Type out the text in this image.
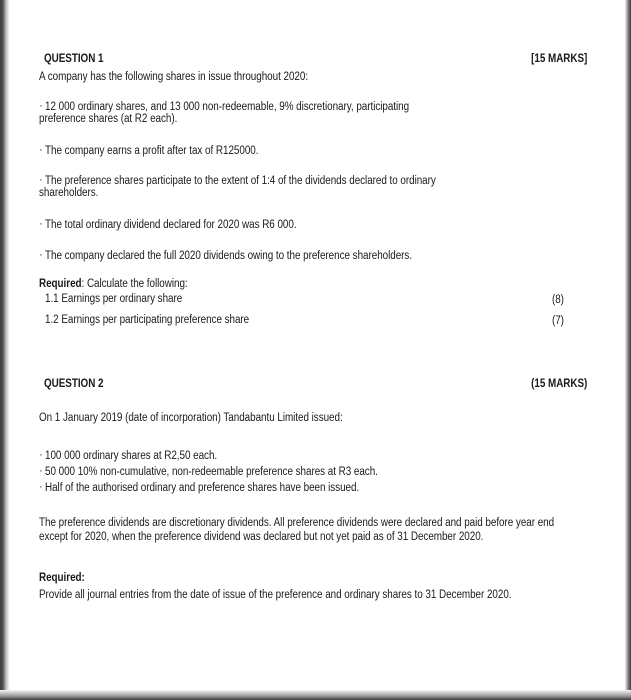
QUESTION 1	[15 MARKS]
A company has the following shares in issue throughout 2020:
· 12 000 ordinary shares, and 13 000 non-redeemable, 9% discretionary, participating
preference shares (at R2 each).
· The company earns a profit after tax of R125000.
· The preference shares participate to the extent of 1:4 of the dividends declared to ordinary
shareholders.
· The total ordinary dividend declared for 2020 was R6 000.
· The company declared the full 2020 dividends owing to the preference shareholders.
Required: Calculate the following:
1.1 Earnings per ordinary share	(8)
1.2 Earnings per participating preference share	(7)
QUESTION 2	(15 MARKS)
On 1 January 2019 (date of incorporation) Tandabantu Limited issued:
· 100 000 ordinary shares at R2,50 each.
· 50 000 10% non-cumulative, non-redeemable preference shares at R3 each.
· Half of the authorised ordinary and preference shares have been issued.
The preference dividends are discretionary dividends. All preference dividends were declared and paid before year end
except for 2020, when the preference dividend was declared but not yet paid as of 31 December 2020.
Required:
Provide all journal entries from the date of issue of the preference and ordinary shares to 31 December 2020.
